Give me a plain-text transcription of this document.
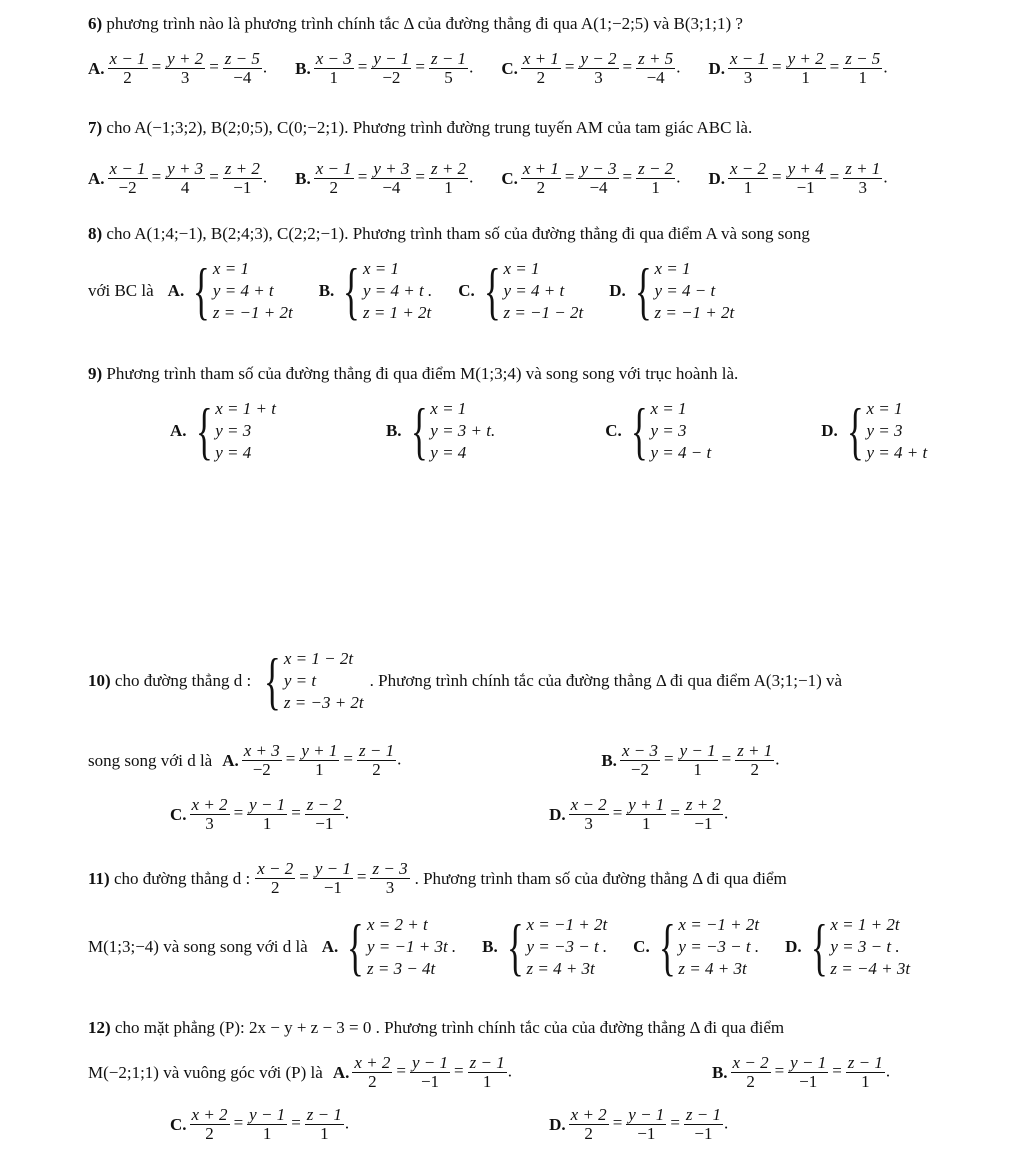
6) phương trình nào là phương trình chính tắc Δ của đường thẳng đi qua A(1;−2;5) và B(3;1;1) ?
A. $\frac{x - 1}{2} = \frac{y + 2}{3} = \frac{z - 5}{-4}$ . B. $\frac{x - 3}{1} = \frac{y - 1}{-2} = \frac{z - 1}{5}$ . C. $\frac{x + 1}{2} = \frac{y - 2}{3} = \frac{z + 5}{-4}$ . D. $\frac{x - 1}{3} = \frac{y + 2}{1} = \frac{z - 5}{1}$ .
7) cho A(−1;3;2), B(2;0;5), C(0;−2;1). Phương trình đường trung tuyến AM của tam giác ABC là.
A. $\frac{x - 1}{-2} = \frac{y + 3}{4} = \frac{z + 2}{-1}$ . B. $\frac{x - 1}{2} = \frac{y + 3}{-4} = \frac{z + 2}{1}$ . C. $\frac{x + 1}{2} = \frac{y - 3}{-4} = \frac{z - 2}{1}$ . D. $\frac{x - 2}{1} = \frac{y + 4}{-1} = \frac{z + 1}{3}$ .
8) cho A(1;4;−1), B(2;4;3), C(2;2;−1). Phương trình tham số của đường thẳng đi qua điểm A và song song
với BC là A. { x = 1
y = 4 + t
z = −1 + 2t
B. { x = 1
y = 4 + t .
z = 1 + 2t
C. { x = 1
y = 4 + t
z = −1 − 2t
D. { x = 1
y = 4 − t
z = −1 + 2t
9) Phương trình tham số của đường thẳng đi qua điểm M(1;3;4) và song song với trục hoành là.
A. { x = 1 + t
y = 3
y = 4
B. { x = 1
y = 3 + t.
y = 4
C. { x = 1
y = 3
y = 4 − t
D. { x = 1
y = 3
y = 4 + t
10)
cho đường thẳng d : { x = 1 − 2t
y = t
z = −3 + 2t
. Phương trình chính tắc của đường thẳng Δ đi qua điểm A(3;1;−1) và
song song với d là A. $\frac{x + 3}{-2} = \frac{y + 1}{1} = \frac{z - 1}{2}$ .	B. $\frac{x - 3}{-2} = \frac{y - 1}{1} = \frac{z + 1}{2}$ .
C. $\frac{x + 2}{3} = \frac{y - 1}{1} = \frac{z - 2}{-1}$ .	D. $\frac{x - 2}{3} = \frac{y + 1}{1} = \frac{z + 2}{-1}$ .
11)
cho đường thẳng d : $\frac{x - 2}{2} = \frac{y - 1}{-1} = \frac{z - 3}{3}$ . Phương trình tham số của đường thẳng Δ đi qua điểm
M(1;3;−4) và song song với d là A. { x = 2 + t
y = −1 + 3t .
z = 3 − 4t
B. { x = −1 + 2t
y = −3 − t .
z = 4 + 3t
C. { x = −1 + 2t
y = −3 − t .
z = 4 + 3t
D. { x = 1 + 2t
y = 3 − t .
z = −4 + 3t
12) cho mặt phẳng (P): 2x − y + z − 3 = 0 . Phương trình chính tắc của của đường thẳng Δ đi qua điểm
M(−2;1;1) và vuông góc với (P) là A. $\frac{x + 2}{2} = \frac{y - 1}{-1} = \frac{z - 1}{1}$ .	B. $\frac{x - 2}{2} = \frac{y - 1}{-1} = \frac{z - 1}{1}$ .
C. $\frac{x + 2}{2} = \frac{y - 1}{1} = \frac{z - 1}{1}$ .	D. $\frac{x + 2}{2} = \frac{y - 1}{-1} = \frac{z - 1}{-1}$ .
